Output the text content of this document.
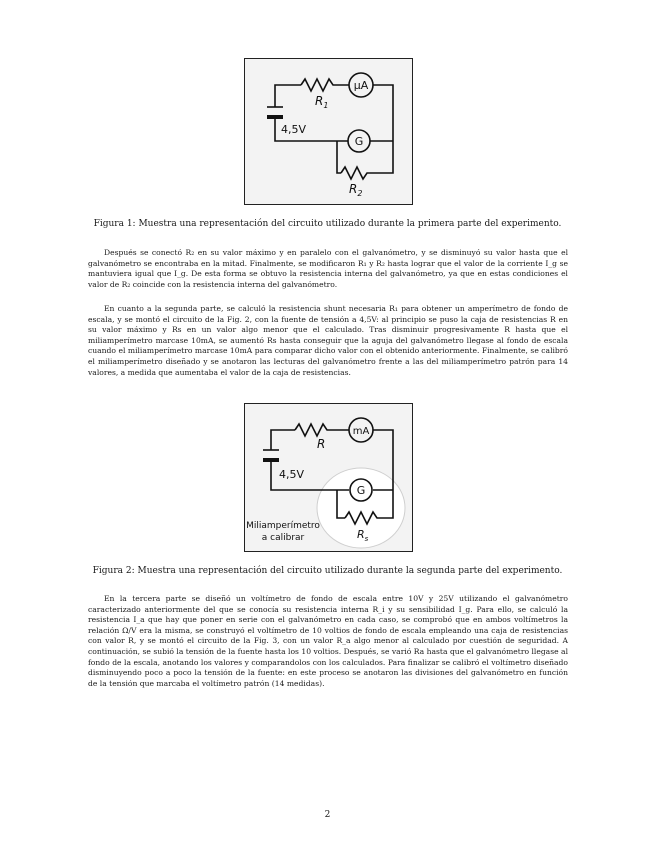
$R_1$
μA
4,5V
G
$R_2$
Figura 1: Muestra una representación del circuito utilizado durante la primera parte del experimento.

Después se conectó R₂ en su valor máximo y en paralelo con el galvanómetro, y se disminuyó su valor hasta que el galvanómetro se encontraba en la mitad. Finalmente, se modificaron R₁ y R₂ hasta lograr que el valor de la corriente I_g se mantuviera igual que I_g. De esta forma se obtuvo la resistencia interna del galvanómetro, ya que en estas condiciones el valor de R₂ coincide con la resistencia interna del galvanómetro.

En cuanto a la segunda parte, se calculó la resistencia shunt necesaria R₁ para obtener un amperímetro de fondo de escala, y se montó el circuito de la Fig. 2, con la fuente de tensión a 4,5V: al principio se puso la caja de resistencias R en su valor máximo y Rs en un valor algo menor que el calculado. Tras disminuir progresivamente R hasta que el miliamperímetro marcase 10mA, se aumentó Rs hasta conseguir que la aguja del galvanómetro llegase al fondo de escala cuando el miliamperímetro marcase 10mA para comparar dicho valor con el obtenido anteriormente. Finalmente, se calibró el miliamperímetro diseñado y se anotaron las lecturas del galvanómetro frente a las del miliamperímetro patrón para 14 valores, a medida que aumentaba el valor de la caja de resistencias.

R
mA
4,5V
G
$R_s$
Miliamperímetro
a calibrar
Figura 2: Muestra una representación del circuito utilizado durante la segunda parte del experimento.

En la tercera parte se diseñó un voltímetro de fondo de escala entre 10V y 25V utilizando el galvanómetro caracterizado anteriormente del que se conocía su resistencia interna R_i y su sensibilidad I_g. Para ello, se calculó la resistencia I_a que hay que poner en serie con el galvanómetro en cada caso, se comprobó que en ambos voltímetros la relación Ω/V era la misma, se construyó el voltímetro de 10 voltios de fondo de escala empleando una caja de resistencias con valor R, y se montó el circuito de la Fig. 3, con un valor R_a algo menor al calculado por cuestión de seguridad. A continuación, se subió la tensión de la fuente hasta los 10 voltios. Después, se varió Ra hasta que el galvanómetro llegase al fondo de la escala, anotando los valores y comparandolos con los calculados. Para finalizar se calibró el voltímetro diseñado disminuyendo poco a poco la tensión de la fuente: en este proceso se anotaron las divisiones del galvanómetro en función de la tensión que marcaba el voltímetro patrón (14 medidas).

2
